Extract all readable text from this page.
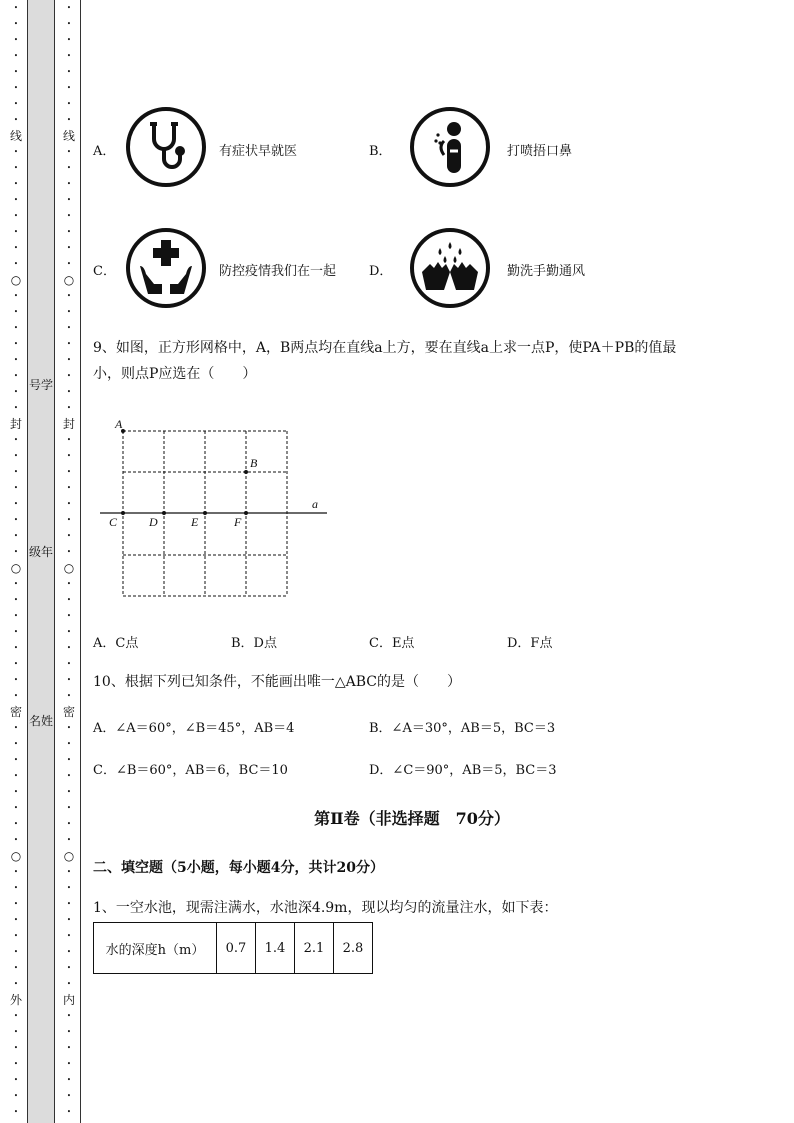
•
•
•
•
•
•
•
•
线
•
•
•
•
•
•
•
•
○
•
•
•
•
•
•
•
•
封
•
•
•
•
•
•
•
•
○
•
•
•
•
•
•
•
•
密
•
•
•
•
•
•
•
•
○
•
•
•
•
•
•
•
•
外
•
•
•
•
•
•
•
•
•
•
•
•
•
•
•
线
•
•
•
•
•
•
•
•
○
•
•
•
•
•
•
•
•
封
•
•
•
•
•
•
•
•
○
•
•
•
•
•
•
•
•
密
•
•
•
•
•
•
•
•
○
•
•
•
•
•
•
•
•
内
•
•
•
•
•
•
•
号学
级年
名姓
A．	有症状早就医	B．	打喷捂口鼻
C．	防控疫情我们在一起	D．	勤洗手勤通风
9、如图，正方形网格中，A，B两点均在直线a上方，要在直线a上求一点P，使PA＋PB的值最
小，则点P应选在（　　）
A
B
C	D	E	F
a
A．C点	B．D点	C．E点	D．F点
10、根据下列已知条件，不能画出唯一△ABC的是（　　）
A．∠A＝60°，∠B＝45°，AB＝4	B．∠A＝30°，AB＝5，BC＝3
C．∠B＝60°，AB＝6，BC＝10	D．∠C＝90°，AB＝5，BC＝3
第Ⅱ卷（非选择题　70分）
二、填空题（5小题，每小题4分，共计20分）
1、一空水池，现需注满水，水池深4.9m，现以均匀的流量注水，如下表：
水的深度h（m）	0.7	1.4	2.1	2.8
